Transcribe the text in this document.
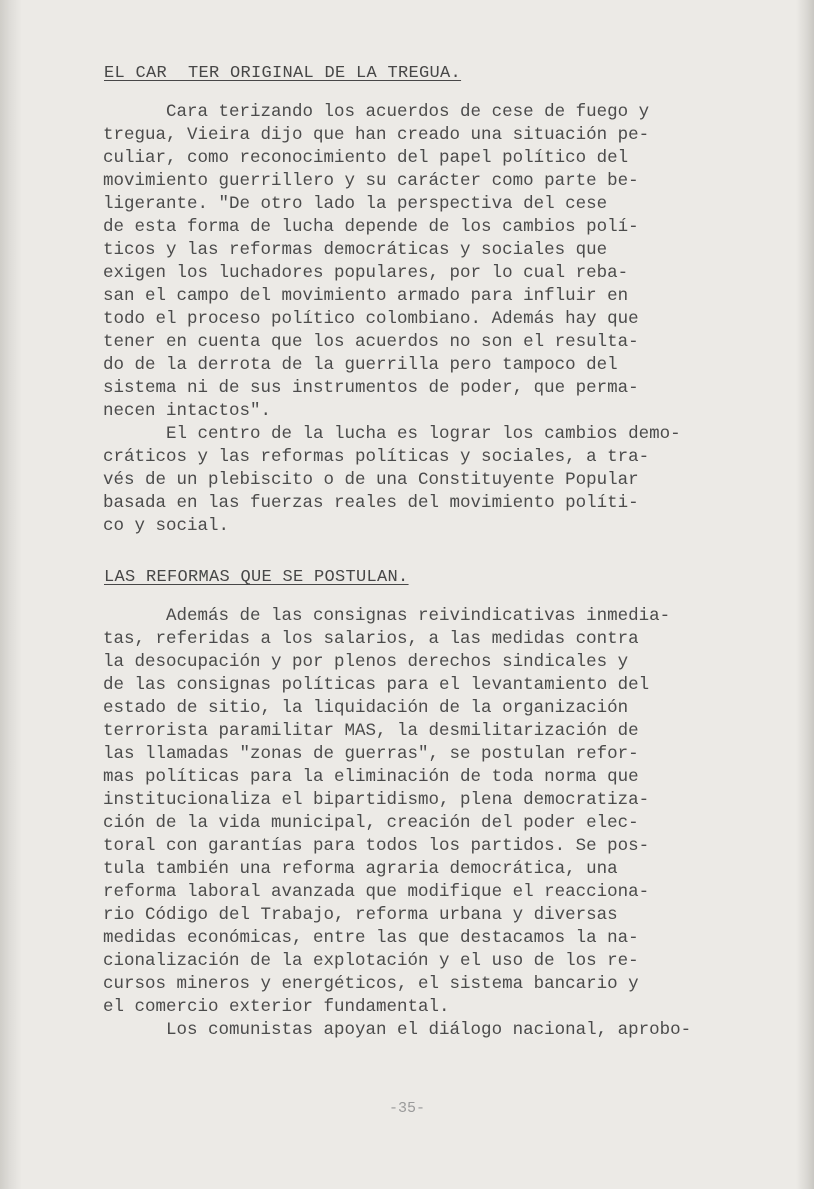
EL CAR  TER ORIGINAL DE LA TREGUA.
Cara terizando los acuerdos de cese de fuego y
tregua, Vieira dijo que han creado una situación pe-
culiar, como reconocimiento del papel político del
movimiento guerrillero y su carácter como parte be-
ligerante. "De otro lado la perspectiva del cese
de esta forma de lucha depende de los cambios polí-
ticos y las reformas democráticas y sociales que
exigen los luchadores populares, por lo cual reba-
san el campo del movimiento armado para influir en
todo el proceso político colombiano. Además hay que
tener en cuenta que los acuerdos no son el resulta-
do de la derrota de la guerrilla pero tampoco del
sistema ni de sus instrumentos de poder, que perma-
necen intactos".
El centro de la lucha es lograr los cambios demo-
cráticos y las reformas políticas y sociales, a tra-
vés de un plebiscito o de una Constituyente Popular
basada en las fuerzas reales del movimiento políti-
co y social.
LAS REFORMAS QUE SE POSTULAN.
Además de las consignas reivindicativas inmedia-
tas, referidas a los salarios, a las medidas contra
la desocupación y por plenos derechos sindicales y
de las consignas políticas para el levantamiento del
estado de sitio, la liquidación de la organización
terrorista paramilitar MAS, la desmilitarización de
las llamadas "zonas de guerras", se postulan refor-
mas políticas para la eliminación de toda norma que
institucionaliza el bipartidismo, plena democratiza-
ción de la vida municipal, creación del poder elec-
toral con garantías para todos los partidos. Se pos-
tula también una reforma agraria democrática, una
reforma laboral avanzada que modifique el reacciona-
rio Código del Trabajo, reforma urbana y diversas
medidas económicas, entre las que destacamos la na-
cionalización de la explotación y el uso de los re-
cursos mineros y energéticos, el sistema bancario y
el comercio exterior fundamental.
Los comunistas apoyan el diálogo nacional, aprobo-
-35-
